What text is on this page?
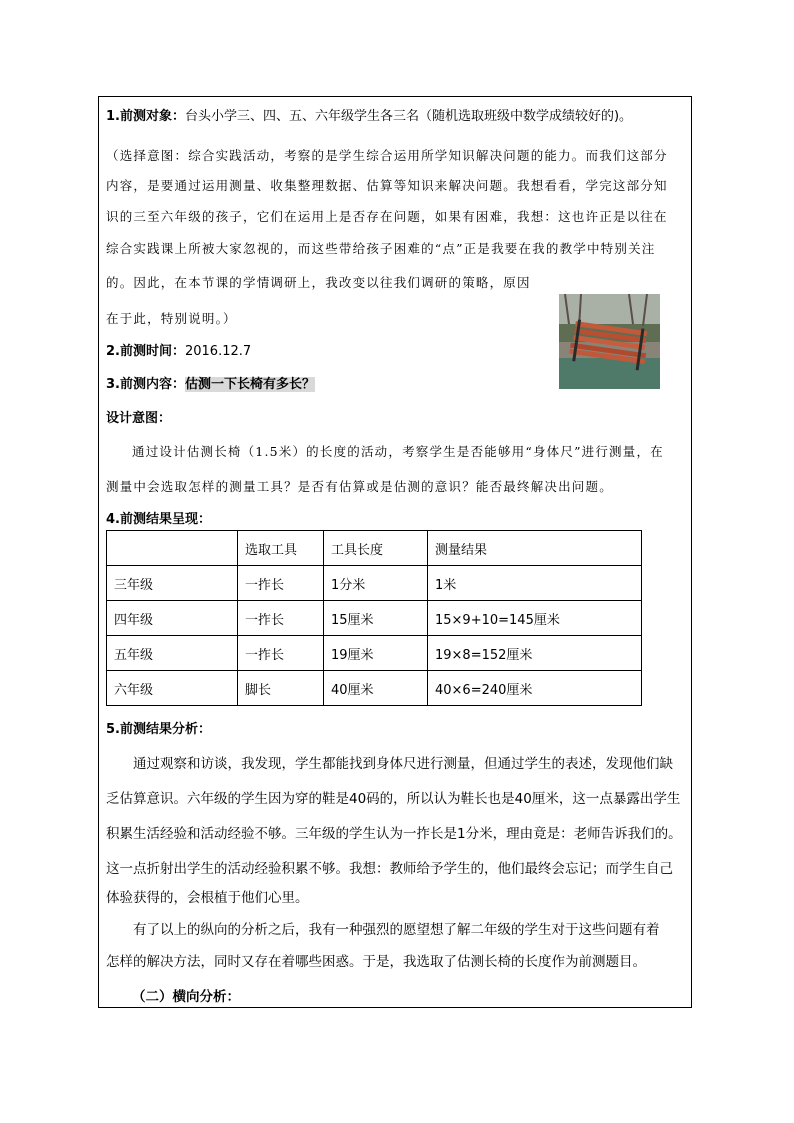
1.前测对象：台头小学三、四、五、六年级学生各三名（随机选取班级中数学成绩较好的)。
（选择意图：综合实践活动，考察的是学生综合运用所学知识解决问题的能力。而我们这部分
内容，是要通过运用测量、收集整理数据、估算等知识来解决问题。我想看看，学完这部分知
识的三至六年级的孩子，它们在运用上是否存在问题，如果有困难，我想：这也许正是以往在
综合实践课上所被大家忽视的，而这些带给孩子困难的“点”正是我要在我的教学中特别关注
的。因此，在本节课的学情调研上，我改变以往我们调研的策略，原因
在于此，特别说明。）
2.前测时间：2016.12.7
3.前测内容：估测一下长椅有多长？
设计意图：
通过设计估测长椅（1.5米）的长度的活动，考察学生是否能够用“身体尺”进行测量，在
测量中会选取怎样的测量工具？是否有估算或是估测的意识？能否最终解决出问题。
4.前测结果呈现：
	选取工具	工具长度	测量结果
三年级	一拃长	1分米	1米
四年级	一拃长	15厘米	15×9+10=145厘米
五年级	一拃长	19厘米	19×8=152厘米
六年级	脚长	40厘米	40×6=240厘米
5.前测结果分析：
通过观察和访谈，我发现，学生都能找到身体尺进行测量，但通过学生的表述，发现他们缺
乏估算意识。六年级的学生因为穿的鞋是40码的，所以认为鞋长也是40厘米，这一点暴露出学生
积累生活经验和活动经验不够。三年级的学生认为一拃长是1分米，理由竟是：老师告诉我们的。
这一点折射出学生的活动经验积累不够。我想：教师给予学生的，他们最终会忘记；而学生自己
体验获得的，会根植于他们心里。
有了以上的纵向的分析之后，我有一种强烈的愿望想了解二年级的学生对于这些问题有着
怎样的解决方法，同时又存在着哪些困惑。于是，我选取了估测长椅的长度作为前测题目。
（二）横向分析：
